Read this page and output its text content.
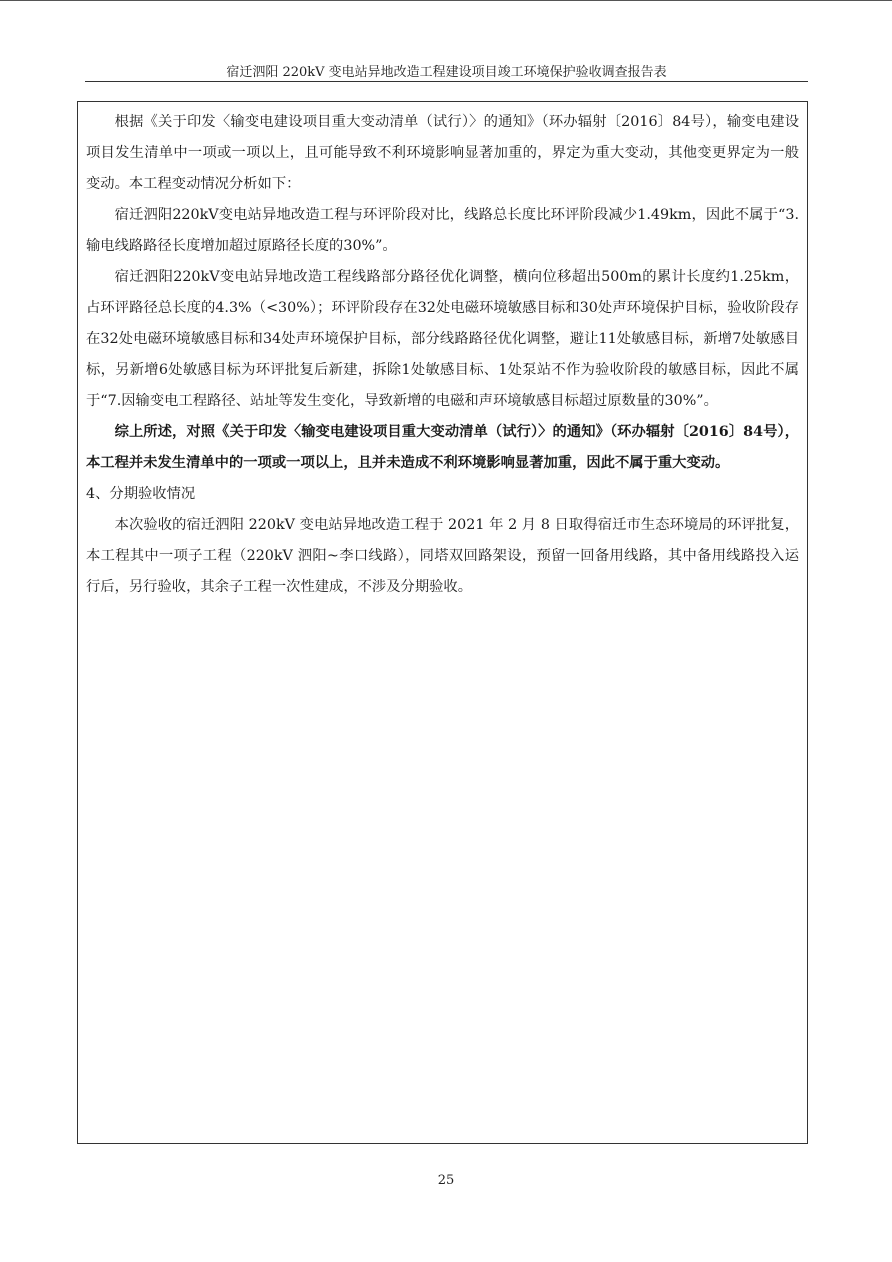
宿迁泗阳 220kV 变电站异地改造工程建设项目竣工环境保护验收调查报告表

根据《关于印发〈输变电建设项目重大变动清单（试行）〉的通知》（环办辐射〔2016〕84号），输变电建设项目发生清单中一项或一项以上，且可能导致不利环境影响显著加重的，界定为重大变动，其他变更界定为一般变动。本工程变动情况分析如下：

宿迁泗阳220kV变电站异地改造工程与环评阶段对比，线路总长度比环评阶段减少1.49km，因此不属于“3.输电线路路径长度增加超过原路径长度的30%”。

宿迁泗阳220kV变电站异地改造工程线路部分路径优化调整，横向位移超出500m的累计长度约1.25km，占环评路径总长度的4.3%（<30%）；环评阶段存在32处电磁环境敏感目标和30处声环境保护目标，验收阶段存在32处电磁环境敏感目标和34处声环境保护目标，部分线路路径优化调整，避让11处敏感目标，新增7处敏感目标，另新增6处敏感目标为环评批复后新建，拆除1处敏感目标、1处泵站不作为验收阶段的敏感目标，因此不属于“7.因输变电工程路径、站址等发生变化，导致新增的电磁和声环境敏感目标超过原数量的30%”。

综上所述，对照《关于印发〈输变电建设项目重大变动清单（试行）〉的通知》（环办辐射〔2016〕84号），本工程并未发生清单中的一项或一项以上，且并未造成不利环境影响显著加重，因此不属于重大变动。

4、分期验收情况

本次验收的宿迁泗阳 220kV 变电站异地改造工程于 2021 年 2 月 8 日取得宿迁市生态环境局的环评批复，本工程其中一项子工程（220kV 泗阳~李口线路），同塔双回路架设，预留一回备用线路，其中备用线路投入运行后，另行验收，其余子工程一次性建成，不涉及分期验收。

25
